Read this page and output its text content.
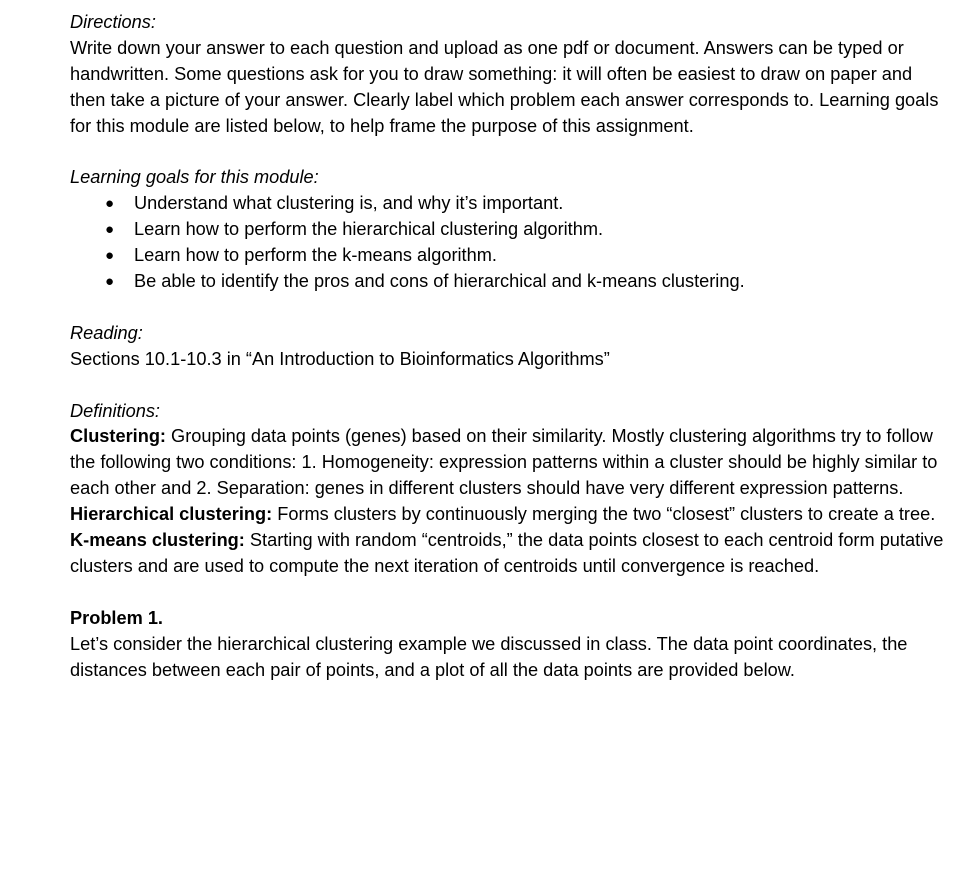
Directions:

Write down your answer to each question and upload as one pdf or document. Answers can be typed or handwritten. Some questions ask for you to draw something: it will often be easiest to draw on paper and then take a picture of your answer. Clearly label which problem each answer corresponds to. Learning goals for this module are listed below, to help frame the purpose of this assignment.

Learning goals for this module:

● Understand what clustering is, and why it’s important.
● Learn how to perform the hierarchical clustering algorithm.
● Learn how to perform the k-means algorithm.
● Be able to identify the pros and cons of hierarchical and k-means clustering.

Reading:

Sections 10.1-10.3 in “An Introduction to Bioinformatics Algorithms”

Definitions:

Clustering: Grouping data points (genes) based on their similarity. Mostly clustering algorithms try to follow the following two conditions: 1. Homogeneity: expression patterns within a cluster should be highly similar to each other and 2. Separation: genes in different clusters should have very different expression patterns.

Hierarchical clustering: Forms clusters by continuously merging the two “closest” clusters to create a tree.

K-means clustering: Starting with random “centroids,” the data points closest to each centroid form putative clusters and are used to compute the next iteration of centroids until convergence is reached.

Problem 1.

Let’s consider the hierarchical clustering example we discussed in class. The data point coordinates, the distances between each pair of points, and a plot of all the data points are provided below.
